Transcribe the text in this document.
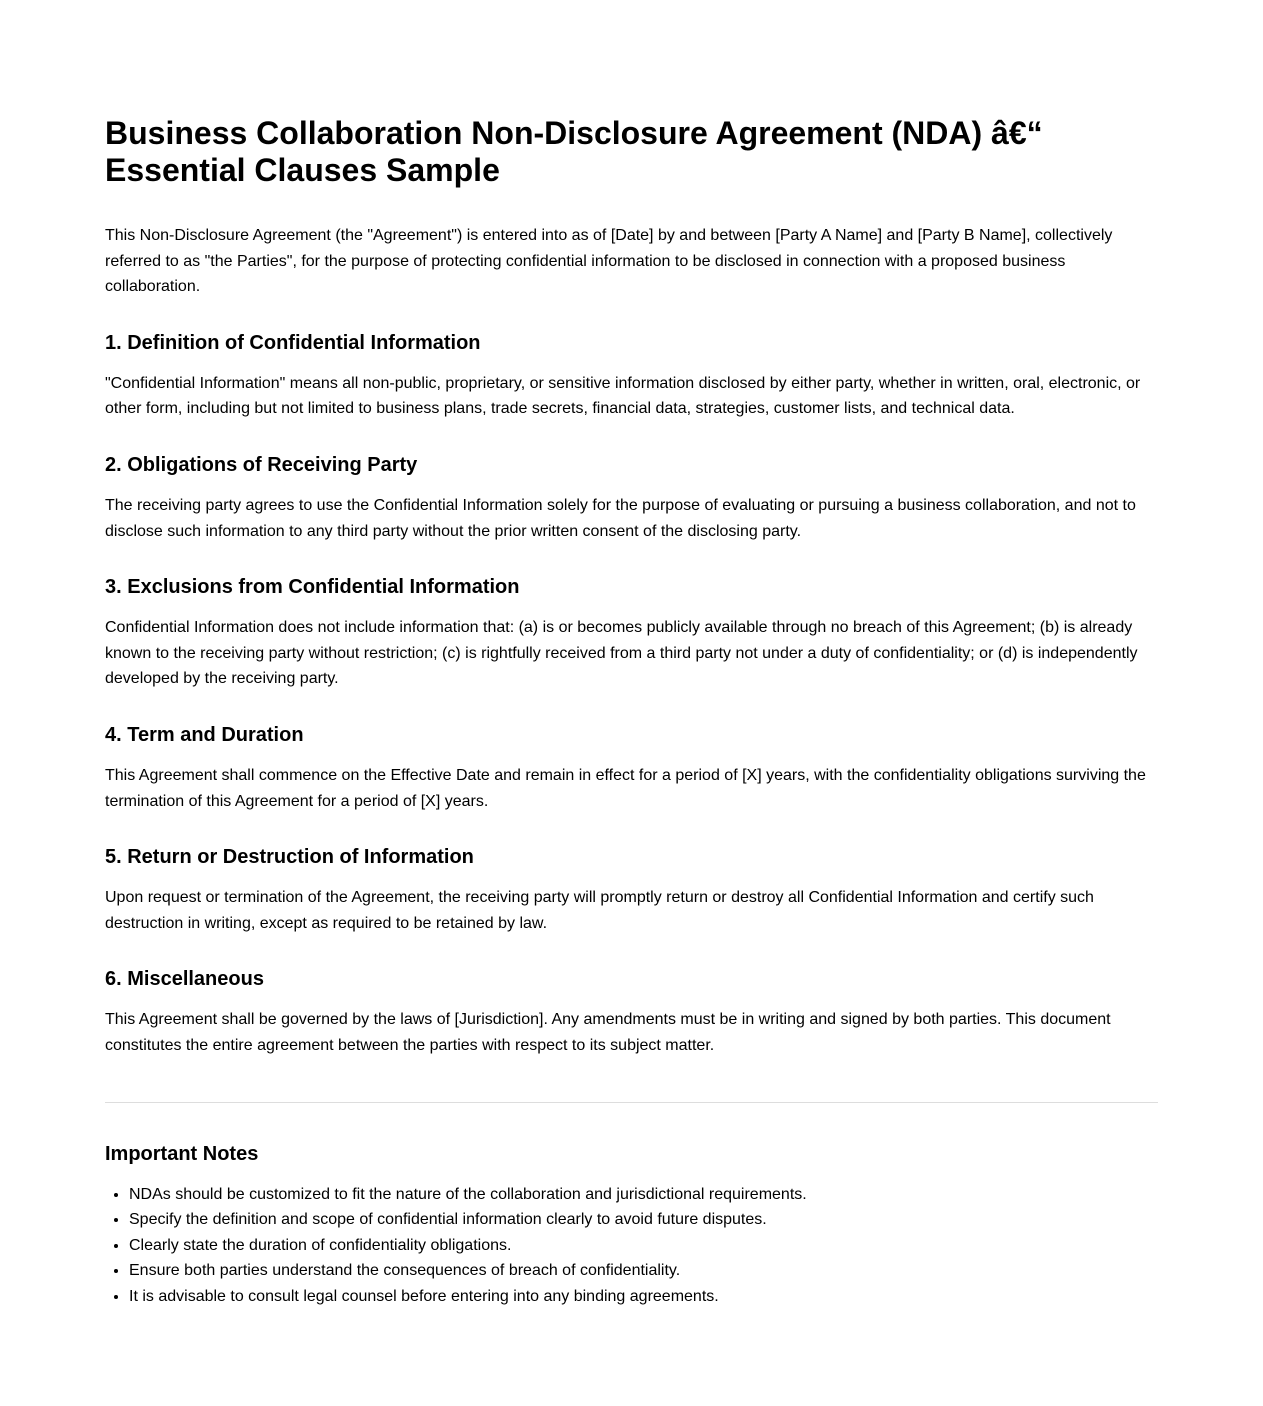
Business Collaboration Non-Disclosure Agreement (NDA) â€“ Essential Clauses Sample

This Non-Disclosure Agreement (the "Agreement") is entered into as of [Date] by and between [Party A Name] and [Party B Name], collectively referred to as "the Parties", for the purpose of protecting confidential information to be disclosed in connection with a proposed business collaboration.

1. Definition of Confidential Information

"Confidential Information" means all non-public, proprietary, or sensitive information disclosed by either party, whether in written, oral, electronic, or other form, including but not limited to business plans, trade secrets, financial data, strategies, customer lists, and technical data.

2. Obligations of Receiving Party

The receiving party agrees to use the Confidential Information solely for the purpose of evaluating or pursuing a business collaboration, and not to disclose such information to any third party without the prior written consent of the disclosing party.

3. Exclusions from Confidential Information

Confidential Information does not include information that: (a) is or becomes publicly available through no breach of this Agreement; (b) is already known to the receiving party without restriction; (c) is rightfully received from a third party not under a duty of confidentiality; or (d) is independently developed by the receiving party.

4. Term and Duration

This Agreement shall commence on the Effective Date and remain in effect for a period of [X] years, with the confidentiality obligations surviving the termination of this Agreement for a period of [X] years.

5. Return or Destruction of Information

Upon request or termination of the Agreement, the receiving party will promptly return or destroy all Confidential Information and certify such destruction in writing, except as required to be retained by law.

6. Miscellaneous

This Agreement shall be governed by the laws of [Jurisdiction]. Any amendments must be in writing and signed by both parties. This document constitutes the entire agreement between the parties with respect to its subject matter.

Important Notes
• NDAs should be customized to fit the nature of the collaboration and jurisdictional requirements.
• Specify the definition and scope of confidential information clearly to avoid future disputes.
• Clearly state the duration of confidentiality obligations.
• Ensure both parties understand the consequences of breach of confidentiality.
• It is advisable to consult legal counsel before entering into any binding agreements.
